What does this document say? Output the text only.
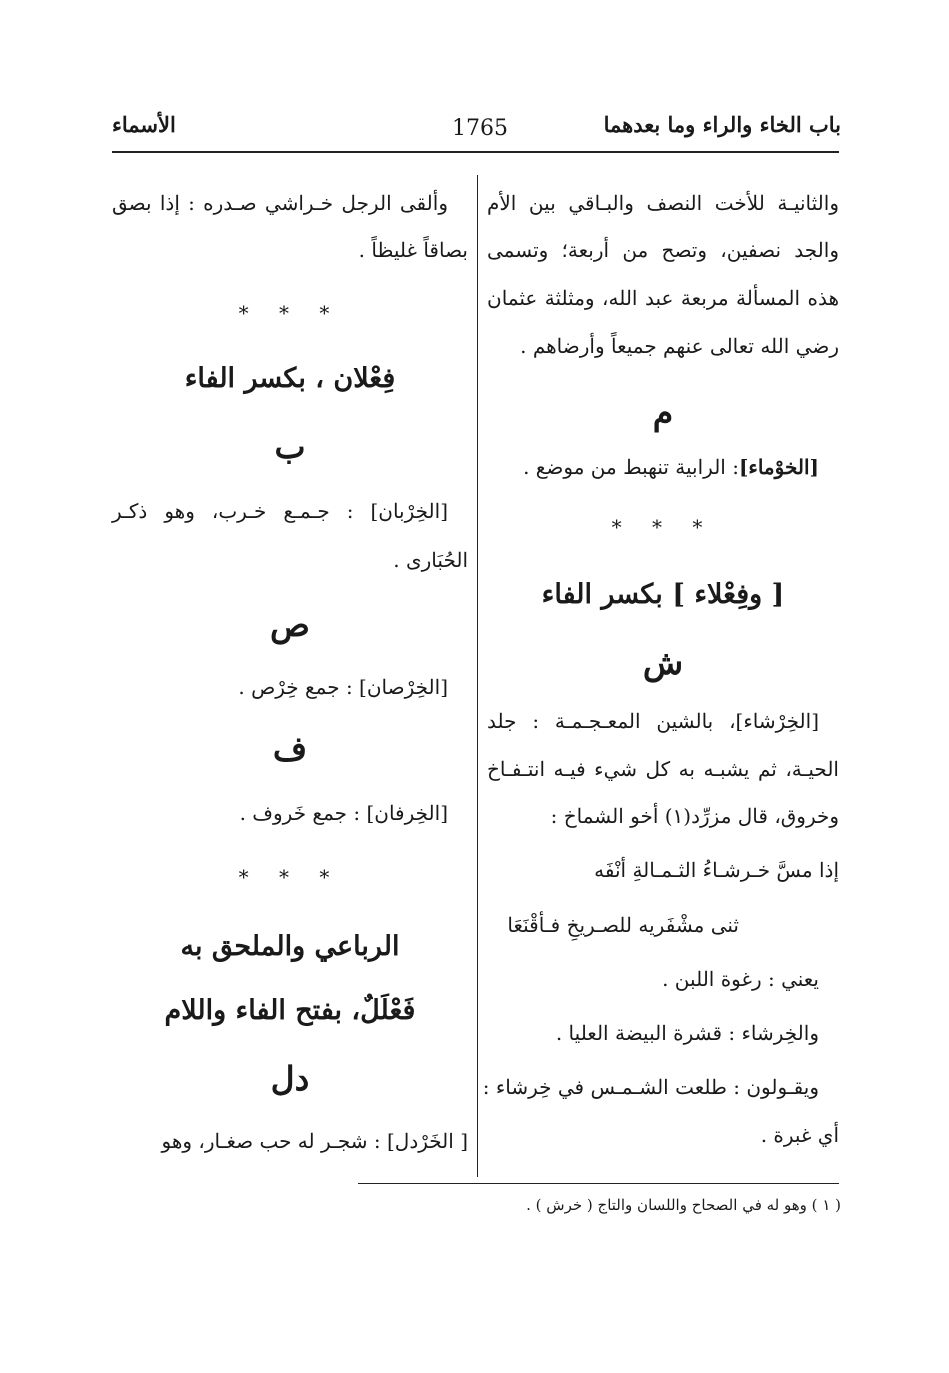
باب الخاء والراء وما بعدهما
1765
الأسماء
والثانيـة للأخت النصف والبـاقي بين الأم
والجد نصفين، وتصح من أربعة؛ وتسمى
هذه المسألة مربعة عبد الله، ومثلثة عثمان
رضي الله تعالى عنهم جميعاً وأرضاهم .
م
[الخوْماء]: الرابية تنهبط من موضع .
* * *
[ وفِعْلاء ] بكسر الفاء
ش
[الخِرْشاء]، بالشين المعـجـمـة : جلد
الحيـة، ثم يشبـه به كل شيء فيـه انتـفـاخ
وخروق، قال مزرِّد(١) أخو الشماخ :
إذا مسَّ خـرشـاءُ الثـمـالةِ أنْفَه
ثنى مشْفَريه للصـريخِ فـأقْنَعَا
يعني : رغوة اللبن .
والخِرشاء : قشرة البيضة العليا .
ويقـولون : طلعت الشـمـس في خِرشاء :
أي غبرة .
وألقى الرجل خـراشي صـدره : إذا بصق
بصاقاً غليظاً .
* * *
فِعْلان ، بكسر الفاء
ب
[الخِرْبان] : جـمـع خـرب، وهو ذكـر
الحُبَارى .
ص
[الخِرْصان] : جمع خِرْص .
ف
[الخِرفان] : جمع خَروف .
* * *
الرباعي والملحق به
فَعْلَلٌ، بفتح الفاء واللام
دل
[ الخَرْدل] : شجـر له حب صغـار، وهو
( ١ ) وهو له في الصحاح واللسان والتاج ( خرش ) .
